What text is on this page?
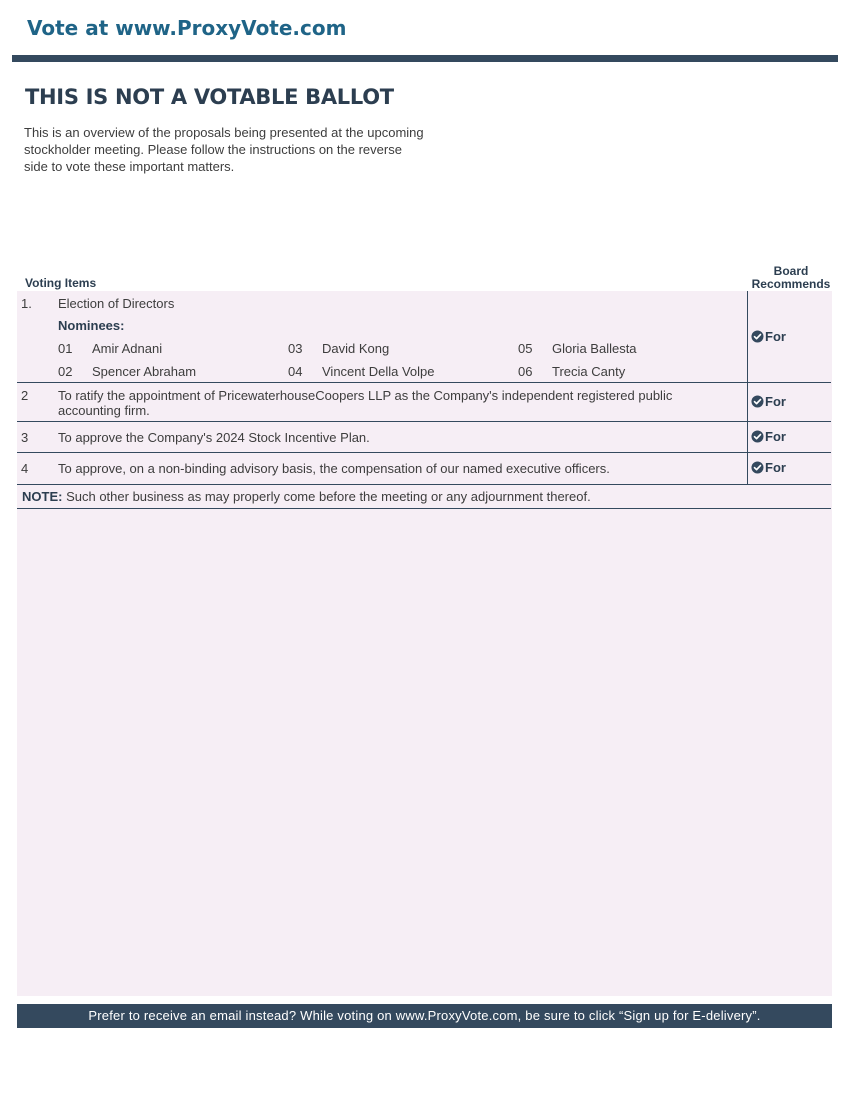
Vote at www.ProxyVote.com
THIS IS NOT A VOTABLE BALLOT
This is an overview of the proposals being presented at the upcoming stockholder meeting. Please follow the instructions on the reverse side to vote these important matters.
Voting Items
Board Recommends
1. Election of Directors
Nominees:
01 Amir Adnani
02 Spencer Abraham
03 David Kong
04 Vincent Della Volpe
05 Gloria Ballesta
06 Trecia Canty
For
2 To ratify the appointment of PricewaterhouseCoopers LLP as the Company's independent registered public accounting firm.
For
3 To approve the Company's 2024 Stock Incentive Plan.	For
4 To approve, on a non-binding advisory basis, the compensation of our named executive officers.	For
NOTE: Such other business as may properly come before the meeting or any adjournment thereof.
Prefer to receive an email instead? While voting on www.ProxyVote.com, be sure to click “Sign up for E-delivery”.
